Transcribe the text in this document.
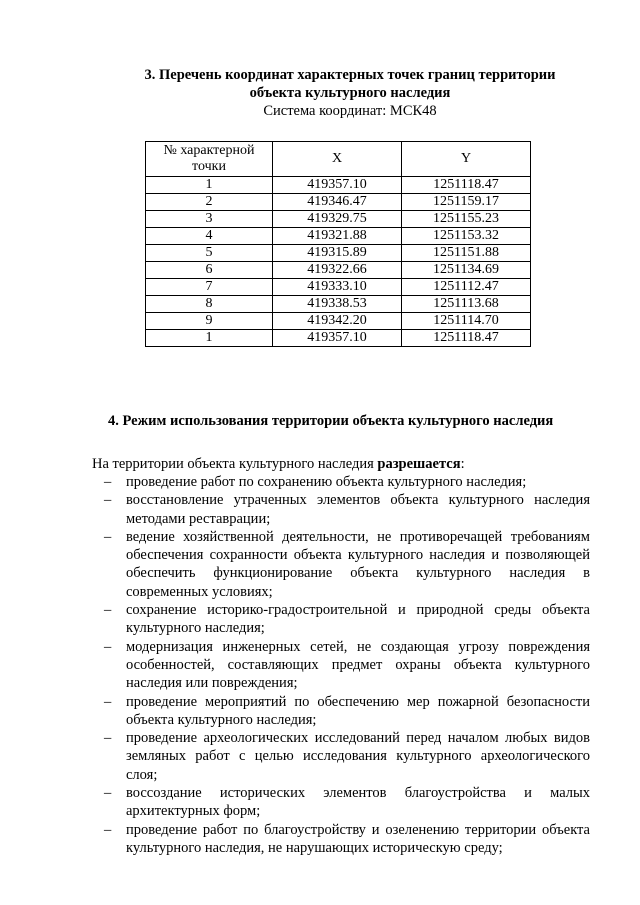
3. Перечень координат характерных точек границ территории
объекта культурного наследия
Система координат: МСК48
№ характерной точки	X	Y
1	419357.10	1251118.47
2	419346.47	1251159.17
3	419329.75	1251155.23
4	419321.88	1251153.32
5	419315.89	1251151.88
6	419322.66	1251134.69
7	419333.10	1251112.47
8	419338.53	1251113.68
9	419342.20	1251114.70
1	419357.10	1251118.47
4. Режим использования территории объекта культурного наследия
На территории объекта культурного наследия разрешается:
– проведение работ по сохранению объекта культурного наследия;
– восстановление утраченных элементов объекта культурного наследия методами реставрации;
– ведение хозяйственной деятельности, не противоречащей требованиям обеспечения сохранности объекта культурного наследия и позволяющей обеспечить функционирование объекта культурного наследия в современных условиях;
– сохранение историко-градостроительной и природной среды объекта культурного наследия;
– модернизация инженерных сетей, не создающая угрозу повреждения особенностей, составляющих предмет охраны объекта культурного наследия или повреждения;
– проведение мероприятий по обеспечению мер пожарной безопасности объекта культурного наследия;
– проведение археологических исследований перед началом любых видов земляных работ с целью исследования культурного археологического слоя;
– воссоздание исторических элементов благоустройства и малых архитектурных форм;
– проведение работ по благоустройству и озеленению территории объекта культурного наследия, не нарушающих историческую среду;
